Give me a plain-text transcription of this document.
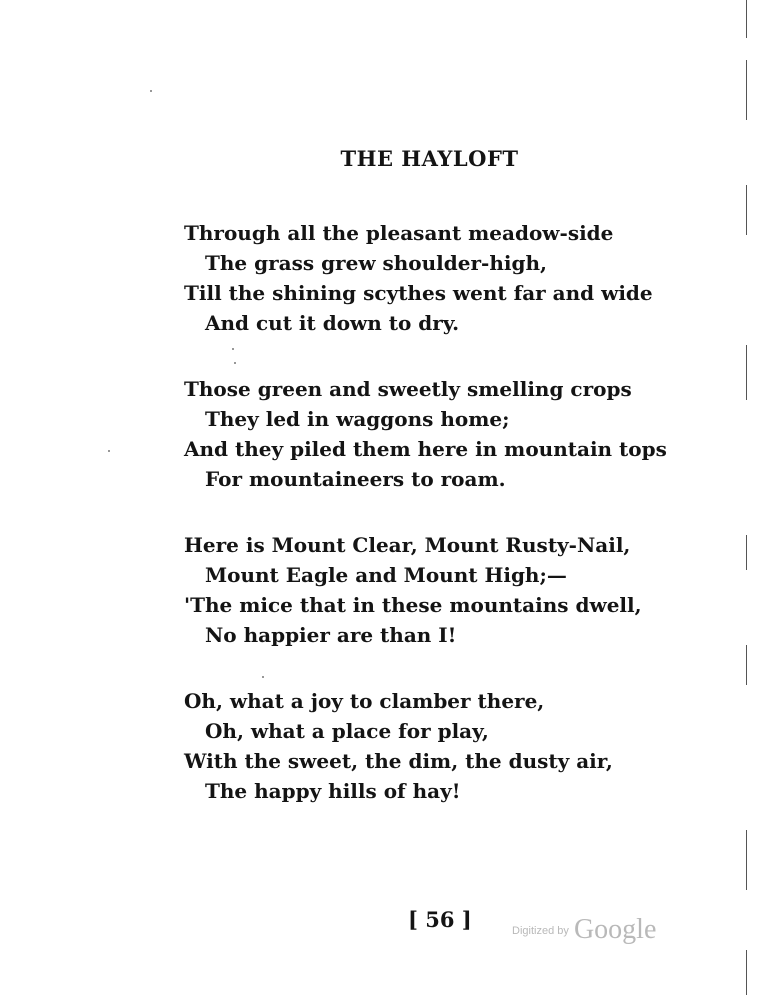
THE HAYLOFT
Through all the pleasant meadow-side
The grass grew shoulder-high,
Till the shining scythes went far and wide
And cut it down to dry.
Those green and sweetly smelling crops
They led in waggons home;
And they piled them here in mountain tops
For mountaineers to roam.
Here is Mount Clear, Mount Rusty-Nail,
Mount Eagle and Mount High;—
'The mice that in these mountains dwell,
No happier are than I!
Oh, what a joy to clamber there,
Oh, what a place for play,
With the sweet, the dim, the dusty air,
The happy hills of hay!
[ 56 ]	$^{Digitized by}$ Google
